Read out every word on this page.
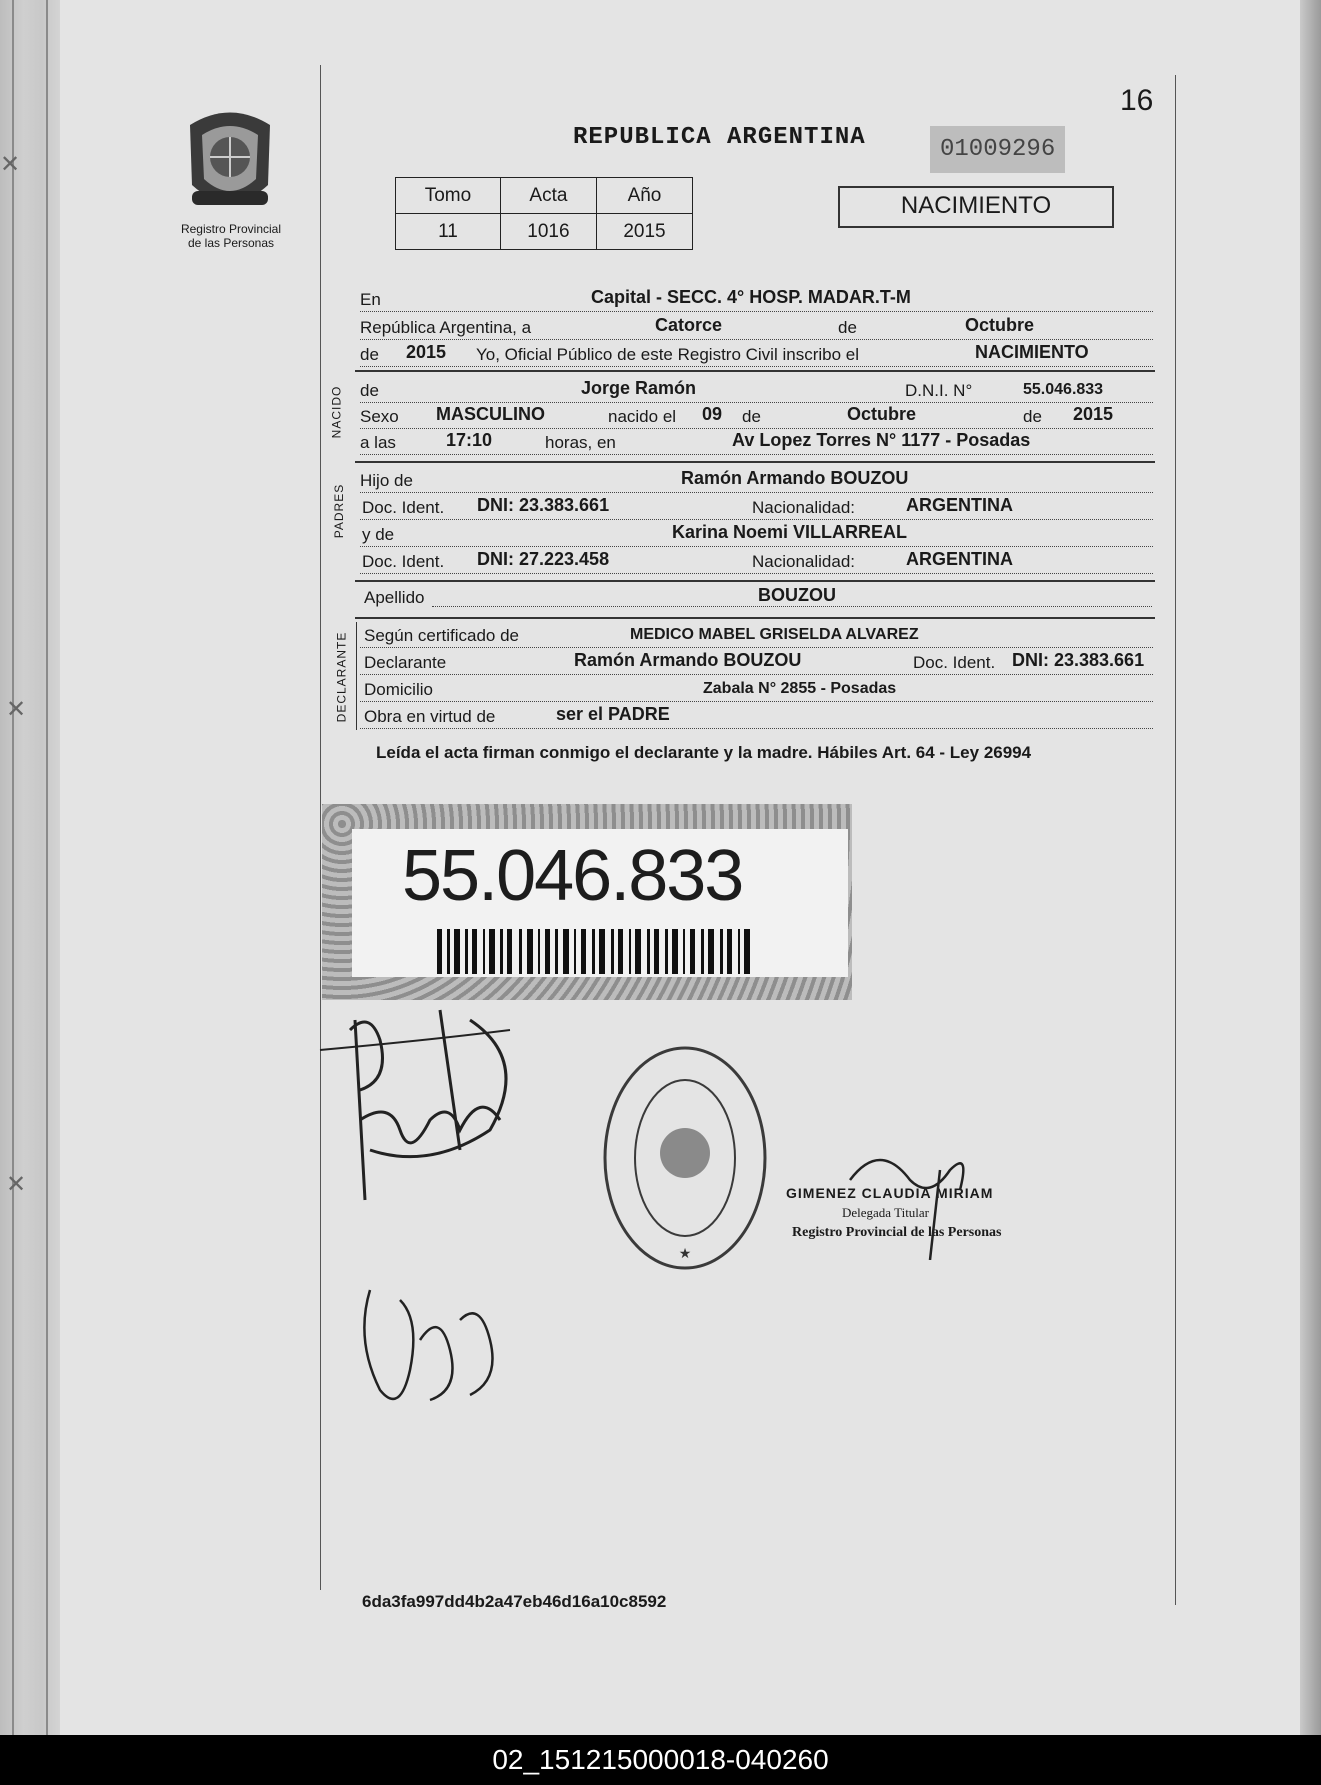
✕
✕
✕
Registro Provincial
de las Personas
16
REPUBLICA ARGENTINA	01009296
Tomo	Acta	Año
11	1016	2015
NACIMIENTO
En	Capital - SECC. 4° HOSP. MADAR.T-M
República Argentina, a	Catorce	de	Octubre
de 2015 Yo, Oficial Público de este Registro Civil inscribo el	NACIMIENTO
NACIDO de	Jorge Ramón	D.N.I. N°	55.046.833
Sexo MASCULINO	nacido el 09 de	Octubre	de 2015
a las	17:10	horas, en	Av Lopez Torres N° 1177 - Posadas
PADRES
Hijo de	Ramón Armando BOUZOU
Doc. Ident. DNI: 23.383.661	Nacionalidad:	ARGENTINA
y de	Karina Noemi VILLARREAL
Doc. Ident. DNI: 27.223.458	Nacionalidad:	ARGENTINA
Apellido	BOUZOU
DECLARANTE Según certificado de	MEDICO MABEL GRISELDA ALVAREZ
Declarante	Ramón Armando BOUZOU	Doc. Ident. DNI: 23.383.661
Domicilio	Zabala N° 2855 - Posadas
Obra en virtud de	ser el PADRE
Leída el acta firman conmigo el declarante y la madre. Hábiles Art. 64 - Ley 26994
55.046.833
★
GIMENEZ CLAUDIA MIRIAM
Delegada Titular
Registro Provincial de las Personas
6da3fa997dd4b2a47eb46d16a10c8592
02_151215000018-040260
